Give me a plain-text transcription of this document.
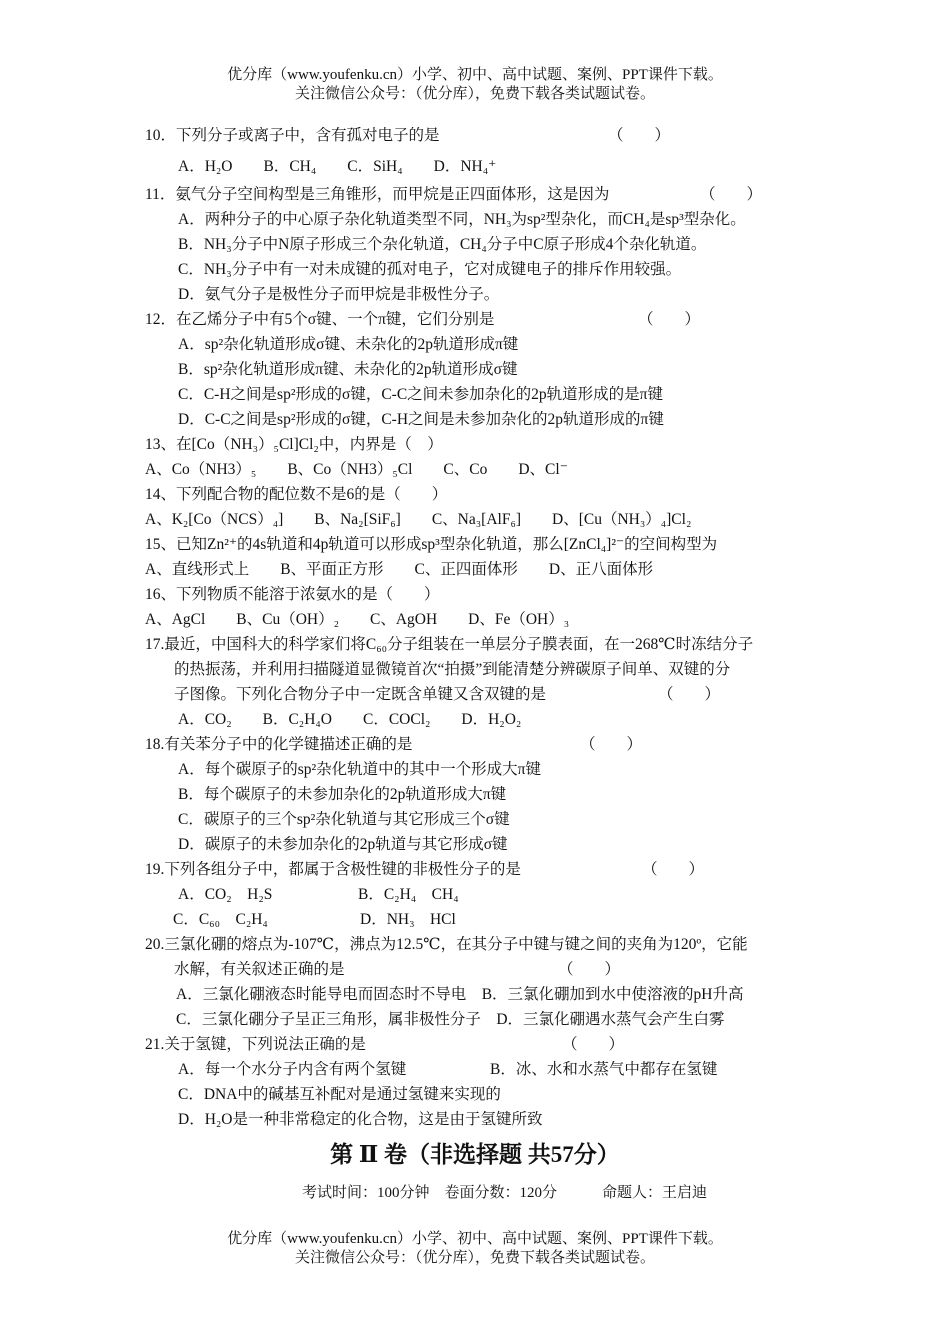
优分库（www.youfenku.cn）小学、初中、高中试题、案例、PPT课件下载。
关注微信公众号：（优分库），免费下载各类试题试卷。
10．下列分子或离子中，含有孤对电子的是	（　　）
A．H₂O　　B．CH₄　　C．SiH₄　　D．NH₄⁺
11．氨气分子空间构型是三角锥形，而甲烷是正四面体形，这是因为	（　　）
A．两种分子的中心原子杂化轨道类型不同，NH₃为sp²型杂化，而CH₄是sp³型杂化。
B．NH₃分子中N原子形成三个杂化轨道，CH₄分子中C原子形成4个杂化轨道。
C．NH₃分子中有一对未成键的孤对电子，它对成键电子的排斥作用较强。
D．氨气分子是极性分子而甲烷是非极性分子。
12．在乙烯分子中有5个σ键、一个π键，它们分别是	（　　）
A．sp²杂化轨道形成σ键、未杂化的2p轨道形成π键
B．sp²杂化轨道形成π键、未杂化的2p轨道形成σ键
C．C-H之间是sp²形成的σ键，C-C之间未参加杂化的2p轨道形成的是π键
D．C-C之间是sp²形成的σ键，C-H之间是未参加杂化的2p轨道形成的π键
13、在[Co（NH₃）₅Cl]Cl₂中，内界是（　）
A、Co（NH3）₅　　B、Co（NH3）₅Cl　　C、Co　　D、Cl⁻
14、下列配合物的配位数不是6的是（　　）
A、K₂[Co（NCS）₄]　　B、Na₂[SiF₆]　　C、Na₃[AlF₆]　　D、[Cu（NH₃）₄]Cl₂
15、已知Zn²⁺的4s轨道和4p轨道可以形成sp³型杂化轨道，那么[ZnCl₄]²⁻的空间构型为
A、直线形式上　　B、平面正方形　　C、正四面体形　　D、正八面体形
16、下列物质不能溶于浓氨水的是（　　）
A、AgCl　　B、Cu（OH）₂　　C、AgOH　　D、Fe（OH）₃
17.最近，中国科大的科学家们将C₆₀分子组装在一单层分子膜表面，在一268℃时冻结分子
的热振荡，并利用扫描隧道显微镜首次“拍摄”到能清楚分辨碳原子间单、双键的分
子图像。下列化合物分子中一定既含单键又含双键的是	（　　）
A．CO₂　　B．C₂H₄O　　C．COCl₂　　D．H₂O₂
18.有关苯分子中的化学键描述正确的是	（　　）
A．每个碳原子的sp²杂化轨道中的其中一个形成大π键
B．每个碳原子的未参加杂化的2p轨道形成大π键
C．碳原子的三个sp²杂化轨道与其它形成三个σ键
D．碳原子的未参加杂化的2p轨道与其它形成σ键
19.下列各组分子中，都属于含极性键的非极性分子的是	（　　）
A．CO₂　H₂S	B．C₂H₄　CH₄
C．C₆₀　C₂H₄	D．NH₃　HCl
20.三氯化硼的熔点为-107℃，沸点为12.5℃，在其分子中键与键之间的夹角为120º，它能
水解，有关叙述正确的是	（　　）
A．三氯化硼液态时能导电而固态时不导电　B．三氯化硼加到水中使溶液的pH升高
C．三氯化硼分子呈正三角形，属非极性分子　D．三氯化硼遇水蒸气会产生白雾
21.关于氢键，下列说法正确的是	（　　）
A．每一个水分子内含有两个氢键	B．冰、水和水蒸气中都存在氢键
C．DNA中的碱基互补配对是通过氢键来实现的
D．H₂O是一种非常稳定的化合物，这是由于氢键所致
第 Ⅱ 卷（非选择题 共57分）
考试时间：100分钟　卷面分数：120分　　　命题人：王启迪
优分库（www.youfenku.cn）小学、初中、高中试题、案例、PPT课件下载。
关注微信公众号：（优分库），免费下载各类试题试卷。
